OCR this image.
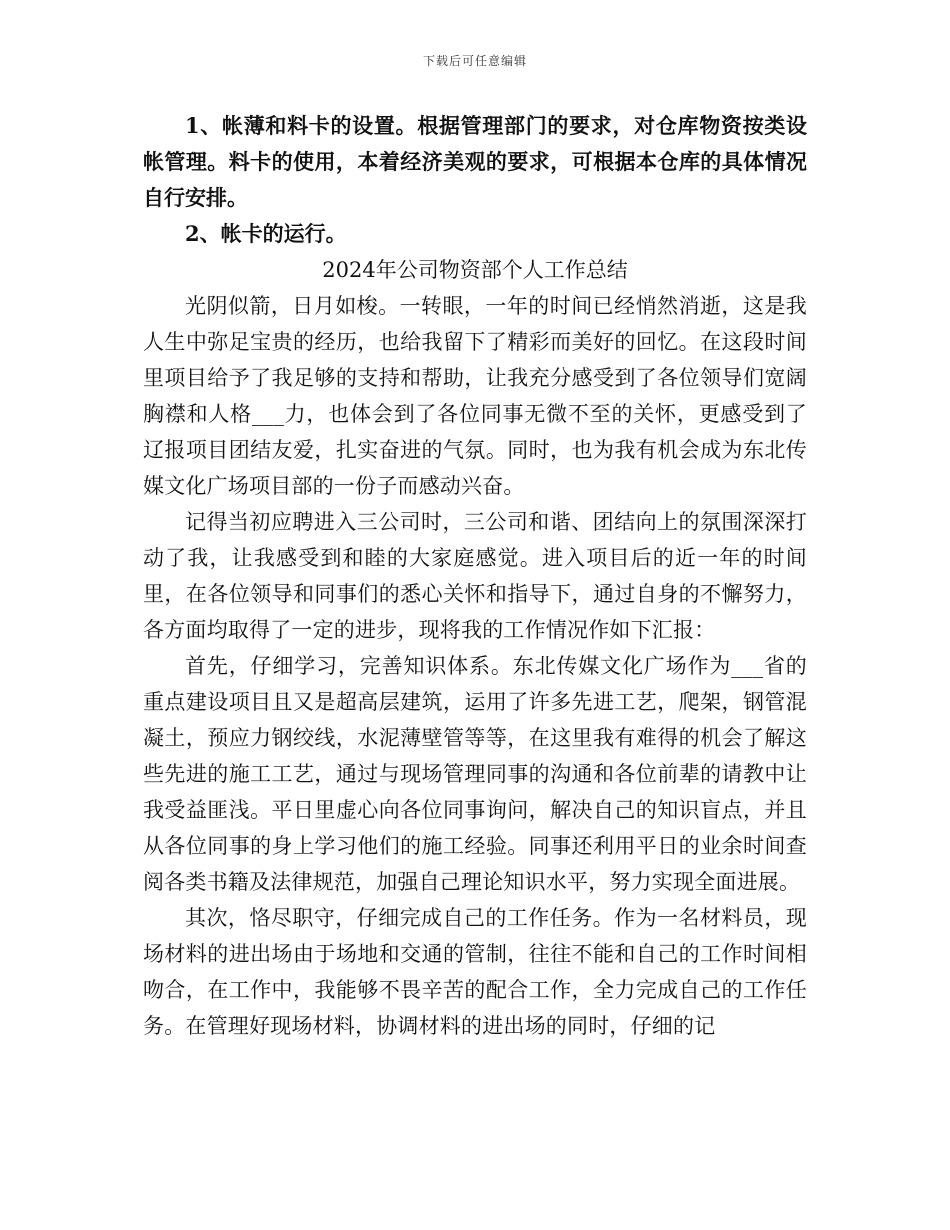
下载后可任意编辑

1、帐薄和料卡的设置。根据管理部门的要求，对仓库物资按类设帐管理。料卡的使用，本着经济美观的要求，可根据本仓库的具体情况自行安排。

2、帐卡的运行。

2024年公司物资部个人工作总结

光阴似箭，日月如梭。一转眼，一年的时间已经悄然消逝，这是我人生中弥足宝贵的经历，也给我留下了精彩而美好的回忆。在这段时间里项目给予了我足够的支持和帮助，让我充分感受到了各位领导们宽阔胸襟和人格___力，也体会到了各位同事无微不至的关怀，更感受到了辽报项目团结友爱，扎实奋进的气氛。同时，也为我有机会成为东北传媒文化广场项目部的一份子而感动兴奋。

记得当初应聘进入三公司时，三公司和谐、团结向上的氛围深深打动了我，让我感受到和睦的大家庭感觉。进入项目后的近一年的时间里，在各位领导和同事们的悉心关怀和指导下，通过自身的不懈努力，各方面均取得了一定的进步，现将我的工作情况作如下汇报：

首先，仔细学习，完善知识体系。东北传媒文化广场作为___省的重点建设项目且又是超高层建筑，运用了许多先进工艺，爬架，钢管混凝土，预应力钢绞线，水泥薄壁管等等，在这里我有难得的机会了解这些先进的施工工艺，通过与现场管理同事的沟通和各位前辈的请教中让我受益匪浅。平日里虚心向各位同事询问，解决自己的知识盲点，并且从各位同事的身上学习他们的施工经验。同事还利用平日的业余时间查阅各类书籍及法律规范，加强自己理论知识水平，努力实现全面进展。

其次，恪尽职守，仔细完成自己的工作任务。作为一名材料员，现场材料的进出场由于场地和交通的管制，往往不能和自己的工作时间相吻合，在工作中，我能够不畏辛苦的配合工作，全力完成自己的工作任务。在管理好现场材料，协调材料的进出场的同时，仔细的记
